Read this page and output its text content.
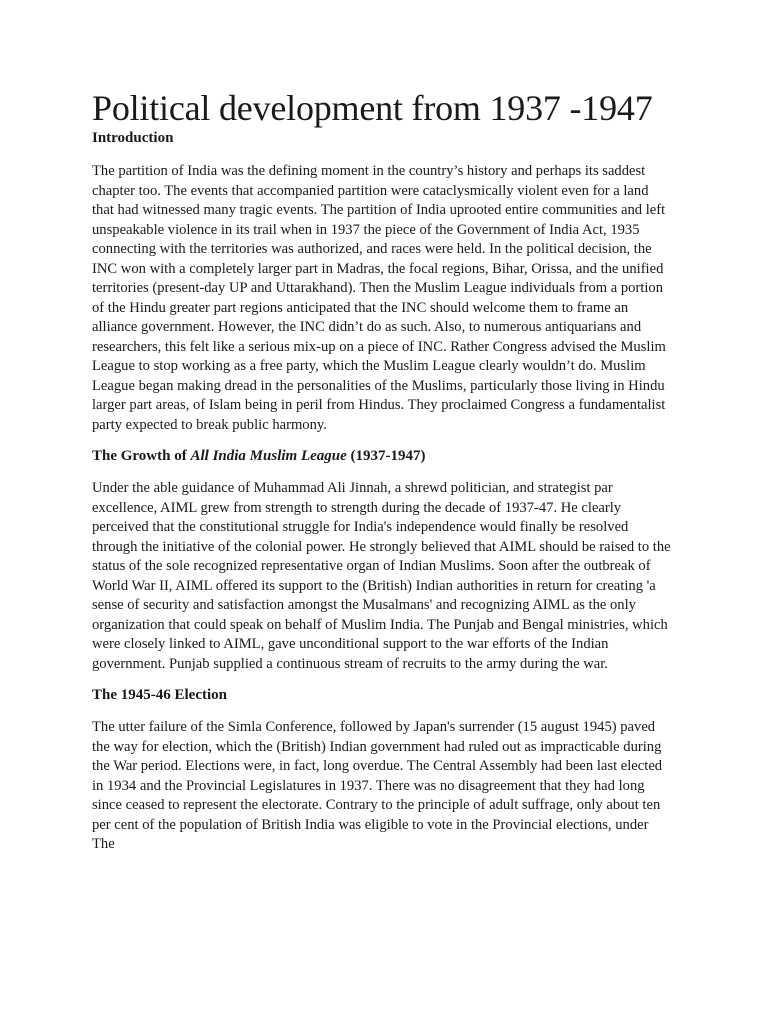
Political development from 1937 -1947
Introduction

The partition of India was the defining moment in the country’s history and perhaps its saddest chapter too. The events that accompanied partition were cataclysmically violent even for a land that had witnessed many tragic events. The partition of India uprooted entire communities and left unspeakable violence in its trail when in 1937 the piece of the Government of India Act, 1935 connecting with the territories was authorized, and races were held. In the political decision, the INC won with a completely larger part in Madras, the focal regions, Bihar, Orissa, and the unified territories (present-day UP and Uttarakhand). Then the Muslim League individuals from a portion of the Hindu greater part regions anticipated that the INC should welcome them to frame an alliance government. However, the INC didn’t do as such. Also, to numerous antiquarians and researchers, this felt like a serious mix-up on a piece of INC. Rather Congress advised the Muslim League to stop working as a free party, which the Muslim League clearly wouldn’t do. Muslim League began making dread in the personalities of the Muslims, particularly those living in Hindu larger part areas, of Islam being in peril from Hindus. They proclaimed Congress a fundamentalist party expected to break public harmony.

The Growth of All India Muslim League (1937-1947)

Under the able guidance of Muhammad Ali Jinnah, a shrewd politician, and strategist par excellence, AIML grew from strength to strength during the decade of 1937-47. He clearly perceived that the constitutional struggle for India's independence would finally be resolved through the initiative of the colonial power. He strongly believed that AIML should be raised to the status of the sole recognized representative organ of Indian Muslims. Soon after the outbreak of World War II, AIML offered its support to the (British) Indian authorities in return for creating 'a sense of security and satisfaction amongst the Musalmans' and recognizing AIML as the only organization that could speak on behalf of Muslim India. The Punjab and Bengal ministries, which were closely linked to AIML, gave unconditional support to the war efforts of the Indian government. Punjab supplied a continuous stream of recruits to the army during the war.

The 1945-46 Election

The utter failure of the Simla Conference, followed by Japan's surrender (15 august 1945) paved the way for election, which the (British) Indian government had ruled out as impracticable during the War period. Elections were, in fact, long overdue. The Central Assembly had been last elected in 1934 and the Provincial Legislatures in 1937. There was no disagreement that they had long since ceased to represent the electorate. Contrary to the principle of adult suffrage, only about ten per cent of the population of British India was eligible to vote in the Provincial elections, under The
